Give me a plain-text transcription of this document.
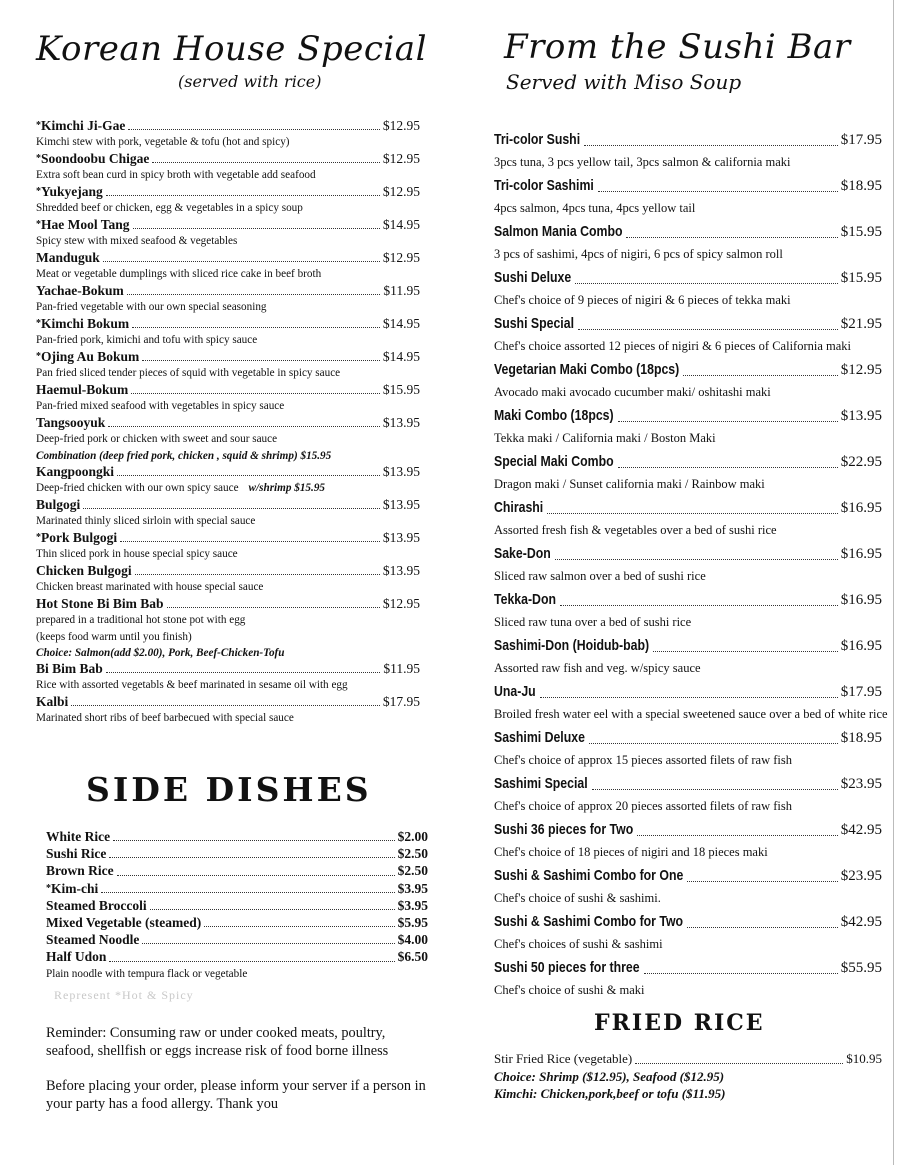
Korean House Special
(served with rice)
*Kimchi Ji-Gae	$12.95
Kimchi stew with pork, vegetable & tofu (hot and spicy)
*Soondoobu Chigae	$12.95
Extra soft bean curd in spicy broth with vegetable add seafood
*Yukyejang	$12.95
Shredded beef or chicken, egg & vegetables in a spicy soup
*Hae Mool Tang	$14.95
Spicy stew with mixed seafood & vegetables
Manduguk	$12.95
Meat or vegetable dumplings with sliced rice cake in beef broth
Yachae-Bokum	$11.95
Pan-fried vegetable with our own special seasoning
*Kimchi Bokum	$14.95
Pan-fried pork, kimichi and tofu with spicy sauce
*Ojing Au Bokum	$14.95
Pan fried sliced tender pieces of squid with vegetable in spicy sauce
Haemul-Bokum	$15.95
Pan-fried mixed seafood with vegetables in spicy sauce
Tangsooyuk	$13.95
Deep-fried pork or chicken with sweet and sour sauce
Combination (deep fried pork, chicken , squid & shrimp) $15.95
Kangpoongki	$13.95
Deep-fried chicken with our own spicy sauce w/shrimp $15.95
Bulgogi	$13.95
Marinated thinly sliced sirloin with special sauce
*Pork Bulgogi	$13.95
Thin sliced pork in house special spicy sauce
Chicken Bulgogi	$13.95
Chicken breast marinated with house special sauce
Hot Stone Bi Bim Bab	$12.95
prepared in a traditional hot stone pot with egg
(keeps food warm until you finish)
Choice: Salmon(add $2.00), Pork, Beef-Chicken-Tofu
Bi Bim Bab	$11.95
Rice with assorted vegetabls & beef marinated in sesame oil with egg
Kalbi	$17.95
Marinated short ribs of beef barbecued with special sauce
SIDE DISHES
White Rice	$2.00
Sushi Rice	$2.50
Brown Rice	$2.50
*Kim-chi	$3.95
Steamed Broccoli	$3.95
Mixed Vegetable (steamed)	$5.95
Steamed Noodle	$4.00
Half Udon	$6.50
Plain noodle with tempura flack or vegetable
Represent *Hot & Spicy
Reminder: Consuming raw or under cooked meats, poultry, seafood, shellfish or eggs increase risk of food borne illness
Before placing your order, please inform your server if a person in your party has a food allergy. Thank you
From the Sushi Bar
Served with Miso Soup
Tri-color Sushi	$17.95
3pcs tuna, 3 pcs yellow tail, 3pcs salmon & california maki
Tri-color Sashimi	$18.95
4pcs salmon, 4pcs tuna, 4pcs yellow tail
Salmon Mania Combo	$15.95
3 pcs of sashimi, 4pcs of nigiri, 6 pcs of spicy salmon roll
Sushi Deluxe	$15.95
Chef's choice of 9 pieces of nigiri & 6 pieces of tekka maki
Sushi Special	$21.95
Chef's choice assorted 12 pieces of nigiri & 6 pieces of California maki
Vegetarian Maki Combo (18pcs)	$12.95
Avocado maki avocado cucumber maki/ oshitashi maki
Maki Combo (18pcs)	$13.95
Tekka maki / California maki / Boston Maki
Special Maki Combo	$22.95
Dragon maki / Sunset california maki / Rainbow maki
Chirashi	$16.95
Assorted fresh fish & vegetables over a bed of sushi rice
Sake-Don	$16.95
Sliced raw salmon over a bed of sushi rice
Tekka-Don	$16.95
Sliced raw tuna over a bed of sushi rice
Sashimi-Don (Hoidub-bab)	$16.95
Assorted raw fish and veg. w/spicy sauce
Una-Ju	$17.95
Broiled fresh water eel with a special sweetened sauce over a bed of white rice
Sashimi Deluxe	$18.95
Chef's choice of approx 15 pieces assorted filets of raw fish
Sashimi Special	$23.95
Chef's choice of approx 20 pieces assorted filets of raw fish
Sushi 36 pieces for Two	$42.95
Chef's choice of 18 pieces of nigiri and 18 pieces maki
Sushi & Sashimi Combo for One	$23.95
Chef's choice of sushi & sashimi.
Sushi & Sashimi Combo for Two	$42.95
Chef's choices of sushi & sashimi
Sushi 50 pieces for three	$55.95
Chef's choice of sushi & maki
FRIED RICE
Stir Fried Rice (vegetable)	$10.95
Choice: Shrimp ($12.95), Seafood ($12.95)
Kimchi: Chicken,pork,beef or tofu ($11.95)
